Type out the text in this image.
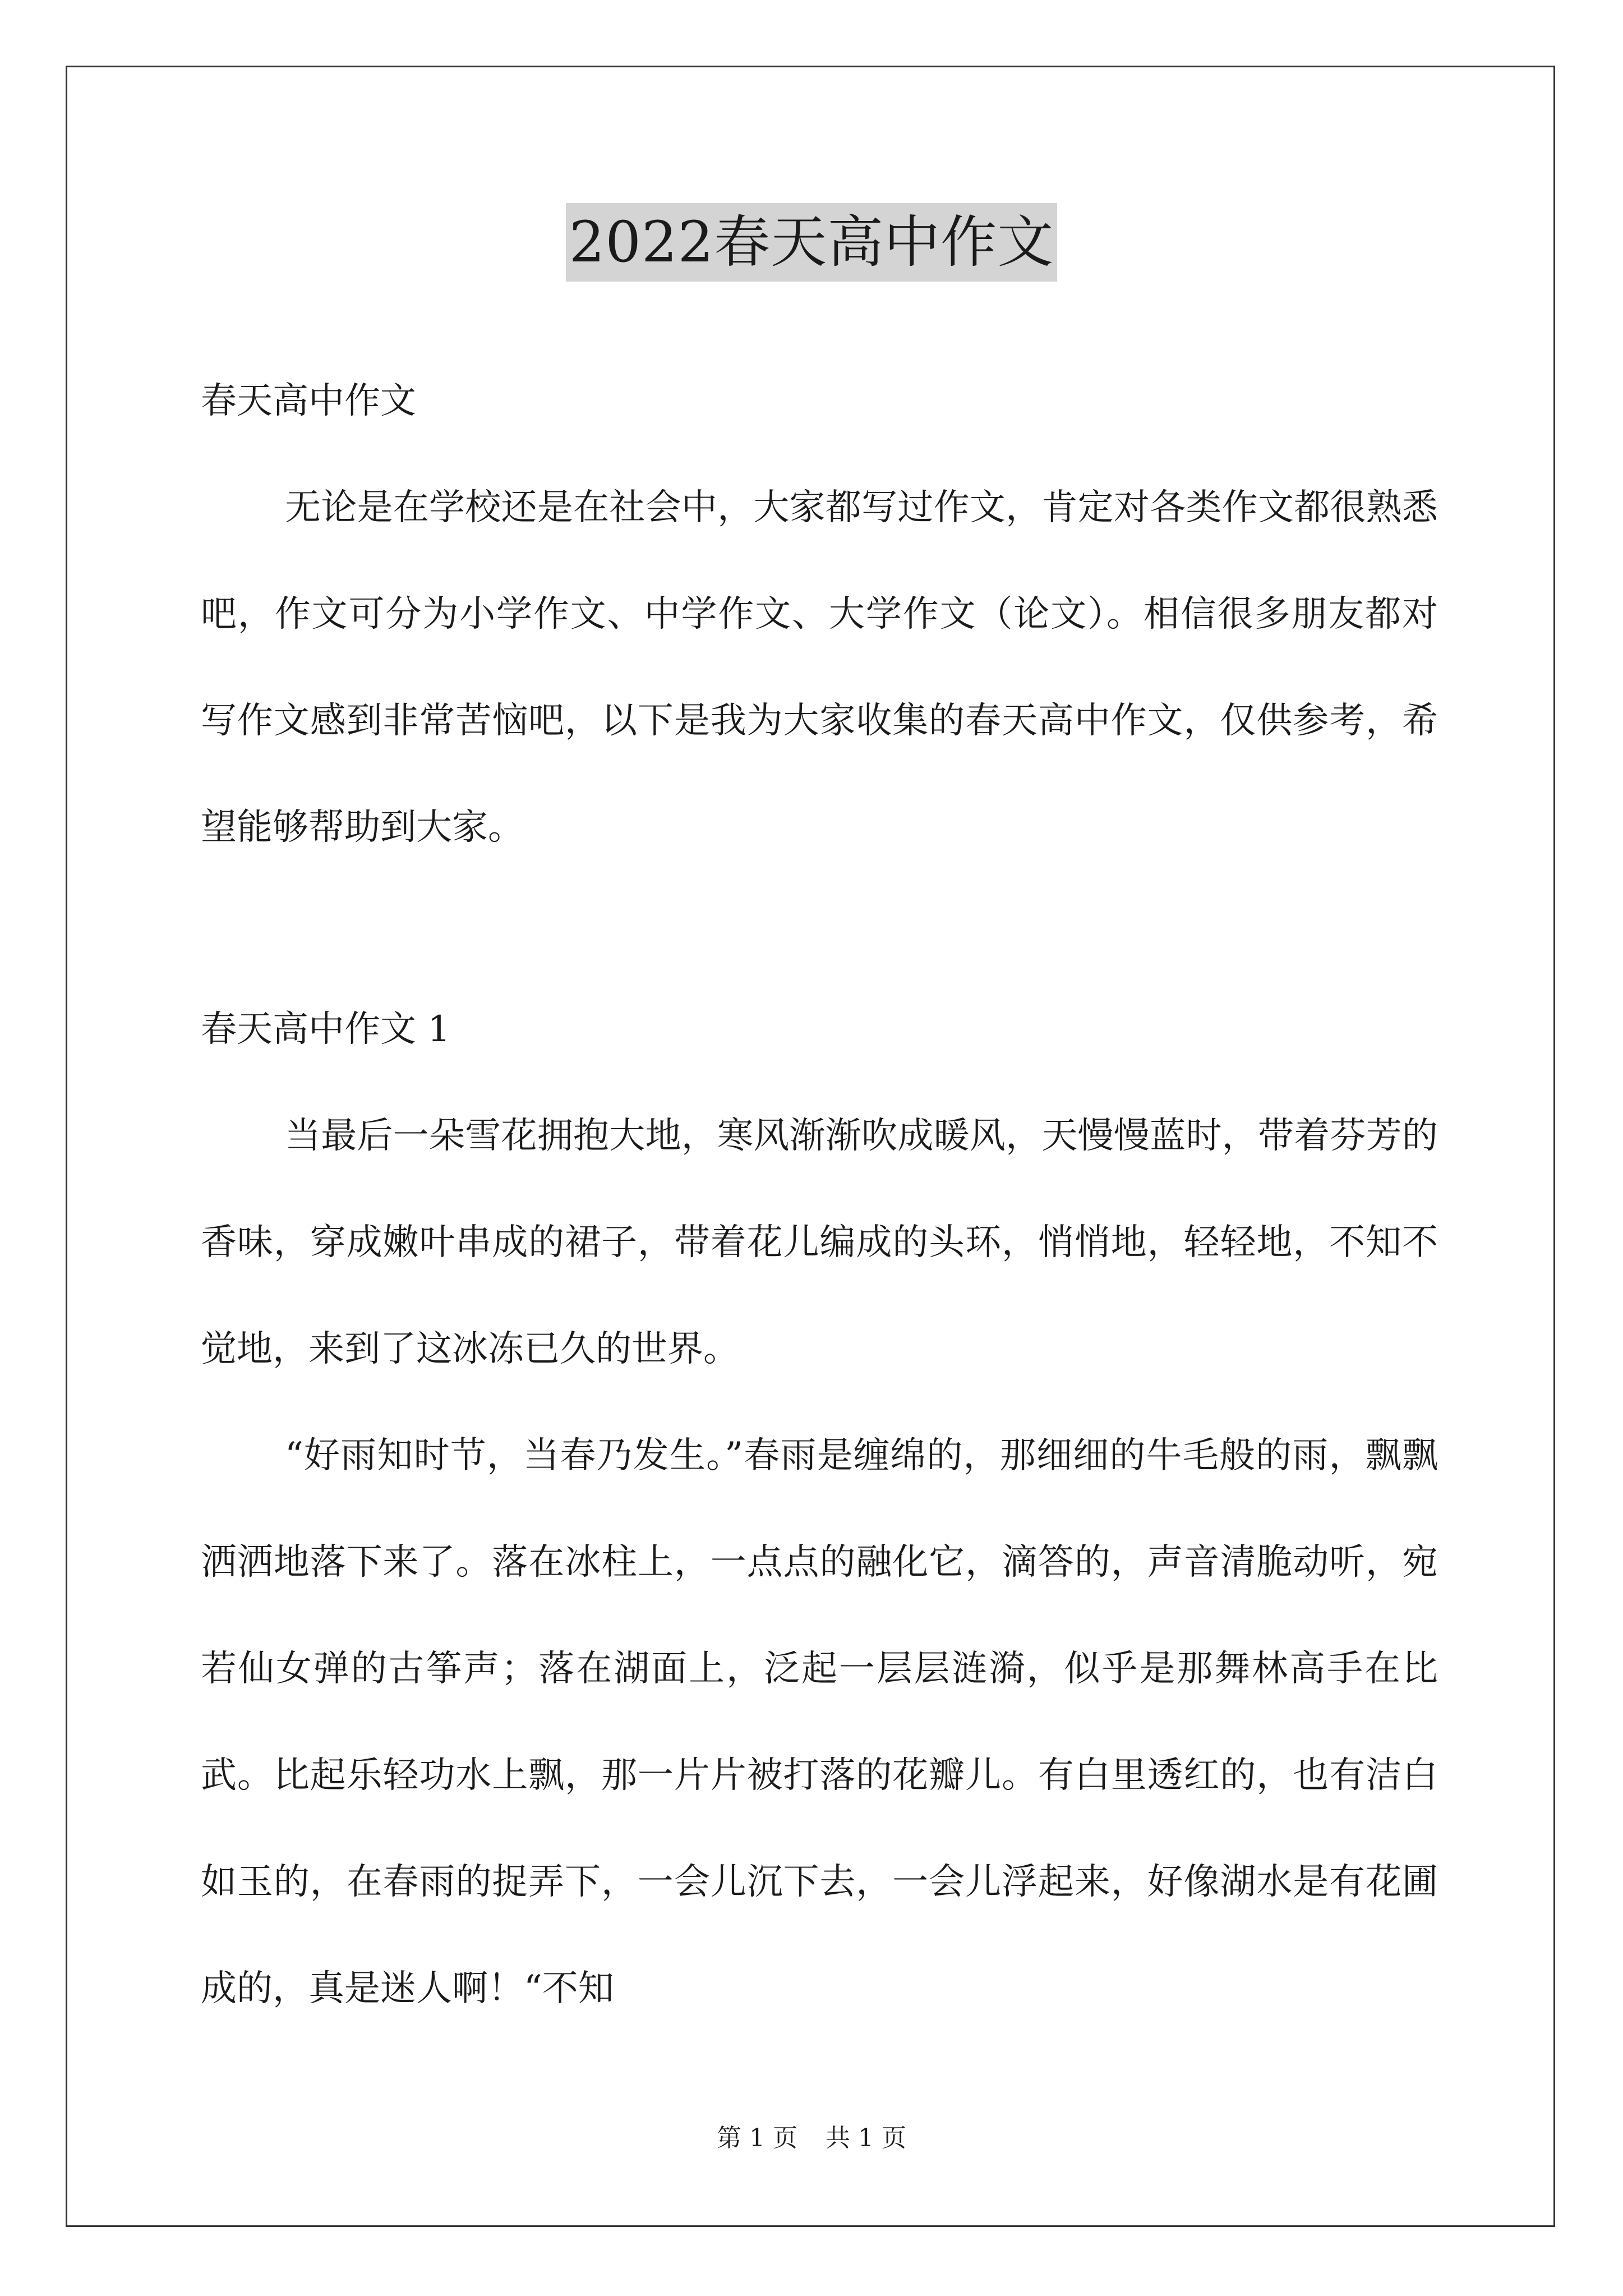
2022春天高中作文

春天高中作文

无论是在学校还是在社会中，大家都写过作文，肯定对各类作文都很熟悉吧，作文可分为小学作文、中学作文、大学作文（论文）。相信很多朋友都对写作文感到非常苦恼吧，以下是我为大家收集的春天高中作文，仅供参考，希望能够帮助到大家。

春天高中作文 1

当最后一朵雪花拥抱大地，寒风渐渐吹成暖风，天慢慢蓝时，带着芬芳的香味，穿成嫩叶串成的裙子，带着花儿编成的头环，悄悄地，轻轻地，不知不觉地，来到了这冰冻已久的世界。

“好雨知时节，当春乃发生。”春雨是缠绵的，那细细的牛毛般的雨，飘飘洒洒地落下来了。落在冰柱上，一点点的融化它，滴答的，声音清脆动听，宛若仙女弹的古筝声；落在湖面上，泛起一层层涟漪，似乎是那舞林高手在比武。比起乐轻功水上飘，那一片片被打落的花瓣儿。有白里透红的，也有洁白如玉的，在春雨的捉弄下，一会儿沉下去，一会儿浮起来，好像湖水是有花圃成的，真是迷人啊！“不知

第 1 页 共 1 页
